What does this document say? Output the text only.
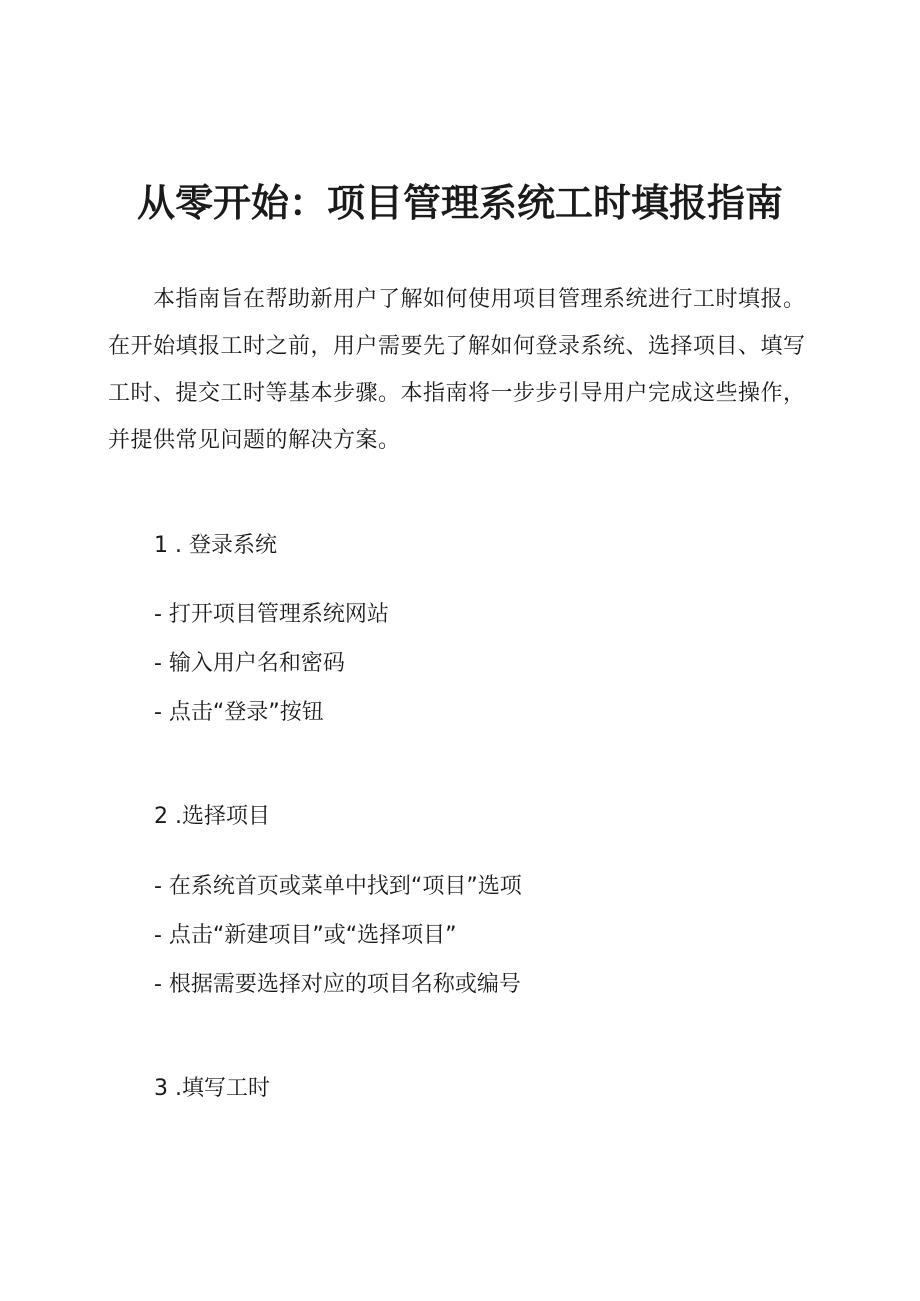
从零开始：项目管理系统工时填报指南

本指南旨在帮助新用户了解如何使用项目管理系统进行工时填报。在开始填报工时之前，用户需要先了解如何登录系统、选择项目、填写工时、提交工时等基本步骤。本指南将一步步引导用户完成这些操作，并提供常见问题的解决方案。

1 . 登录系统

- 打开项目管理系统网站

- 输入用户名和密码

- 点击“登录”按钮

2 .选择项目

- 在系统首页或菜单中找到“项目”选项

- 点击“新建项目”或“选择项目”

- 根据需要选择对应的项目名称或编号

3 .填写工时
